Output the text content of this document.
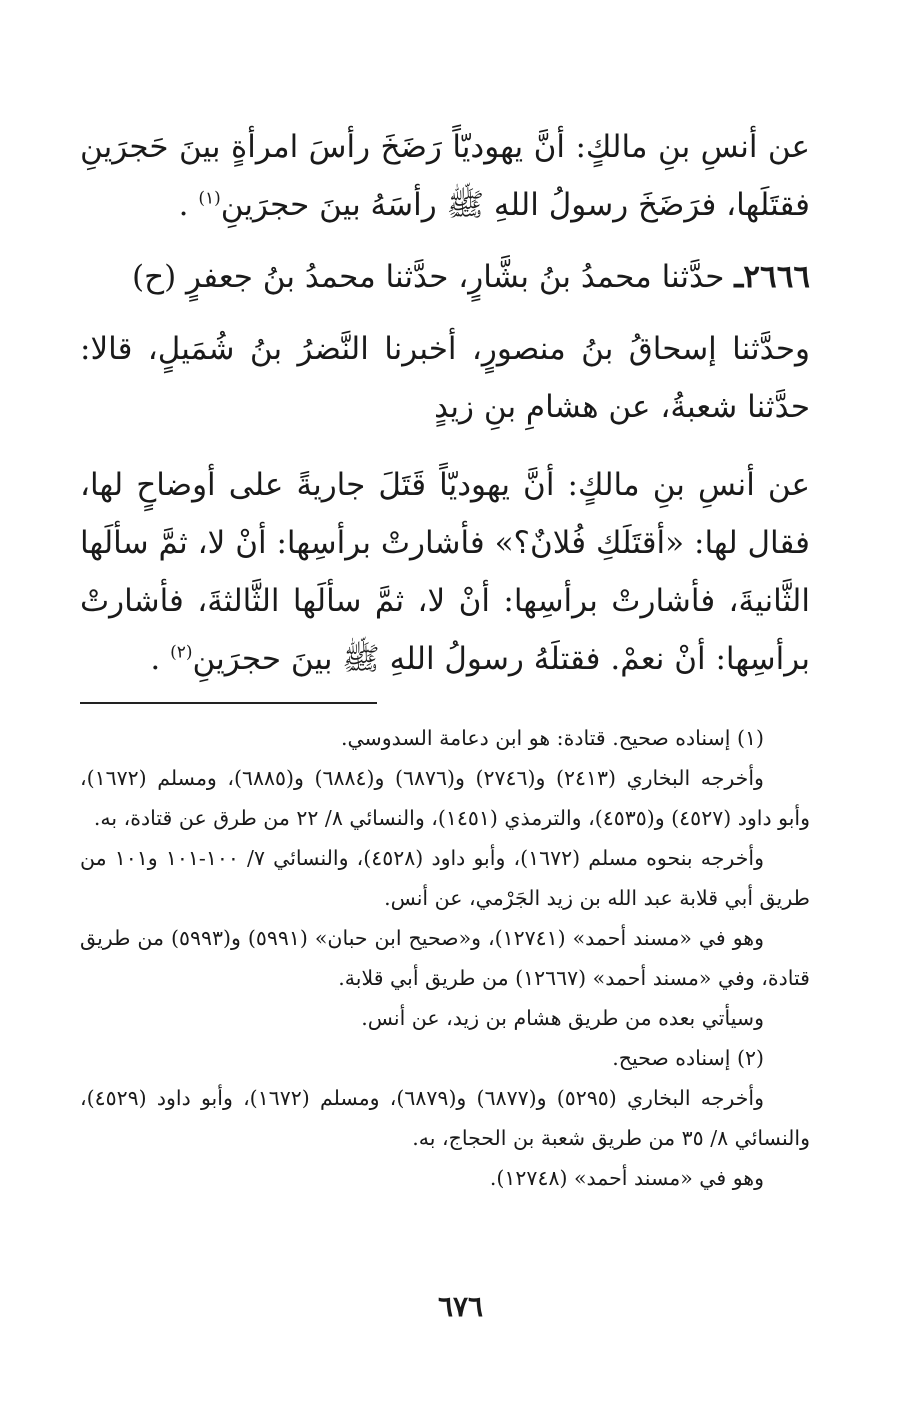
عن أنسِ بنِ مالكٍ: أنَّ يهوديّاً رَضَخَ رأسَ امرأةٍ بينَ حَجرَينِ فقتَلَها، فرَضَخَ رسولُ اللهِ ﷺ رأسَهُ بينَ حجرَينِ$^{(١)}$ .

٢٦٦٦ـ حدَّثنا محمدُ بنُ بشَّارٍ، حدَّثنا محمدُ بنُ جعفرٍ (ح)

وحدَّثنا إسحاقُ بنُ منصورٍ، أخبرنا النَّضرُ بنُ شُمَيلٍ، قالا: حدَّثنا شعبةُ، عن هشامِ بنِ زيدٍ

عن أنسِ بنِ مالكٍ: أنَّ يهوديّاً قَتَلَ جاريةً على أوضاحٍ لها، فقال لها: «أقتَلَكِ فُلانٌ؟» فأشارتْ برأسِها: أنْ لا، ثمَّ سألَها الثَّانيةَ، فأشارتْ برأسِها: أنْ لا، ثمَّ سألَها الثَّالثةَ، فأشارتْ برأسِها: أنْ نعمْ. فقتلَهُ رسولُ اللهِ ﷺ بينَ حجرَينِ$^{(٢)}$ .

(١) إسناده صحيح. قتادة: هو ابن دعامة السدوسي.

وأخرجه البخاري (٢٤١٣) و(٢٧٤٦) و(٦٨٧٦) و(٦٨٨٤) و(٦٨٨٥)، ومسلم (١٦٧٢)، وأبو داود (٤٥٢٧) و(٤٥٣٥)، والترمذي (١٤٥١)، والنسائي ٨/ ٢٢ من طرق عن قتادة، به.

وأخرجه بنحوه مسلم (١٦٧٢)، وأبو داود (٤٥٢٨)، والنسائي ٧/ ١٠٠-١٠١ و١٠١ من طريق أبي قلابة عبد الله بن زيد الجَرْمي، عن أنس.

وهو في «مسند أحمد» (١٢٧٤١)، و«صحيح ابن حبان» (٥٩٩١) و(٥٩٩٣) من طريق قتادة، وفي «مسند أحمد» (١٢٦٦٧) من طريق أبي قلابة.

وسيأتي بعده من طريق هشام بن زيد، عن أنس.

(٢) إسناده صحيح.

وأخرجه البخاري (٥٢٩٥) و(٦٨٧٧) و(٦٨٧٩)، ومسلم (١٦٧٢)، وأبو داود (٤٥٢٩)، والنسائي ٨/ ٣٥ من طريق شعبة بن الحجاج، به.

وهو في «مسند أحمد» (١٢٧٤٨).

٦٧٦
